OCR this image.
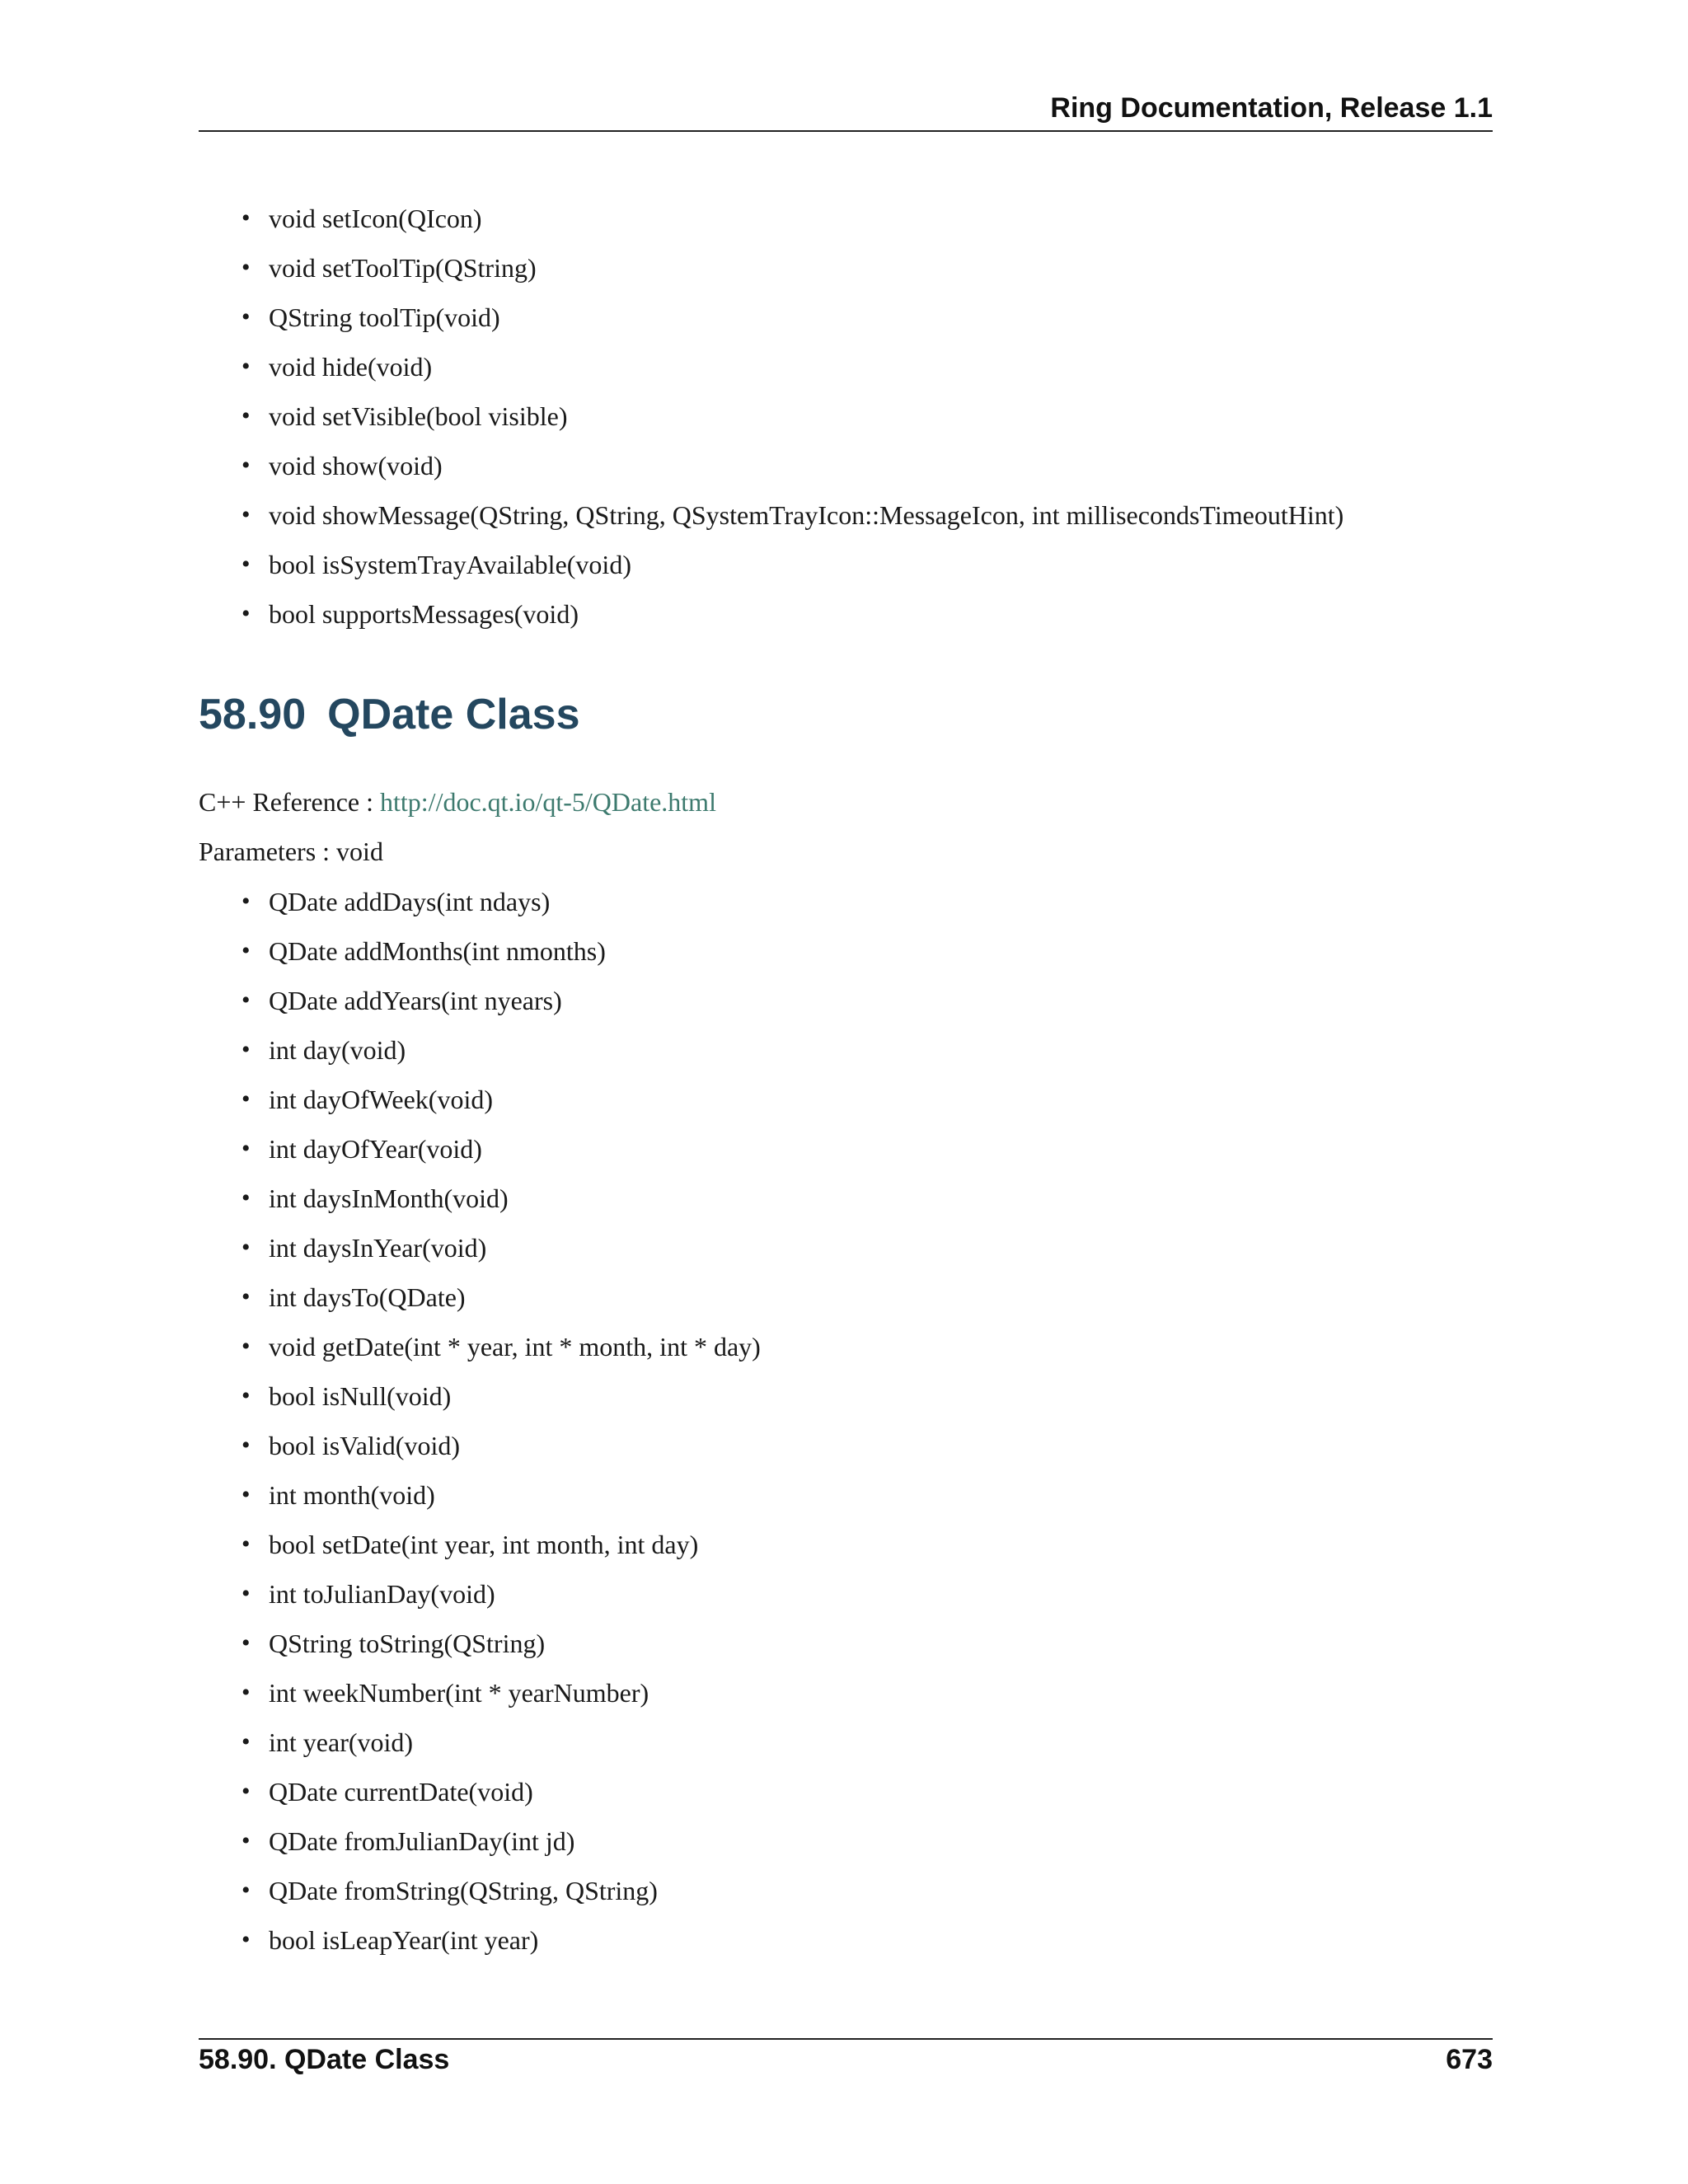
Ring Documentation, Release 1.1
• void setIcon(QIcon)
• void setToolTip(QString)
• QString toolTip(void)
• void hide(void)
• void setVisible(bool visible)
• void show(void)
• void showMessage(QString, QString, QSystemTrayIcon::MessageIcon, int millisecondsTimeoutHint)
• bool isSystemTrayAvailable(void)
• bool supportsMessages(void)
58.90 QDate Class
C++ Reference : http://doc.qt.io/qt-5/QDate.html
Parameters : void
• QDate addDays(int ndays)
• QDate addMonths(int nmonths)
• QDate addYears(int nyears)
• int day(void)
• int dayOfWeek(void)
• int dayOfYear(void)
• int daysInMonth(void)
• int daysInYear(void)
• int daysTo(QDate)
• void getDate(int * year, int * month, int * day)
• bool isNull(void)
• bool isValid(void)
• int month(void)
• bool setDate(int year, int month, int day)
• int toJulianDay(void)
• QString toString(QString)
• int weekNumber(int * yearNumber)
• int year(void)
• QDate currentDate(void)
• QDate fromJulianDay(int jd)
• QDate fromString(QString, QString)
• bool isLeapYear(int year)
58.90. QDate Class	673
